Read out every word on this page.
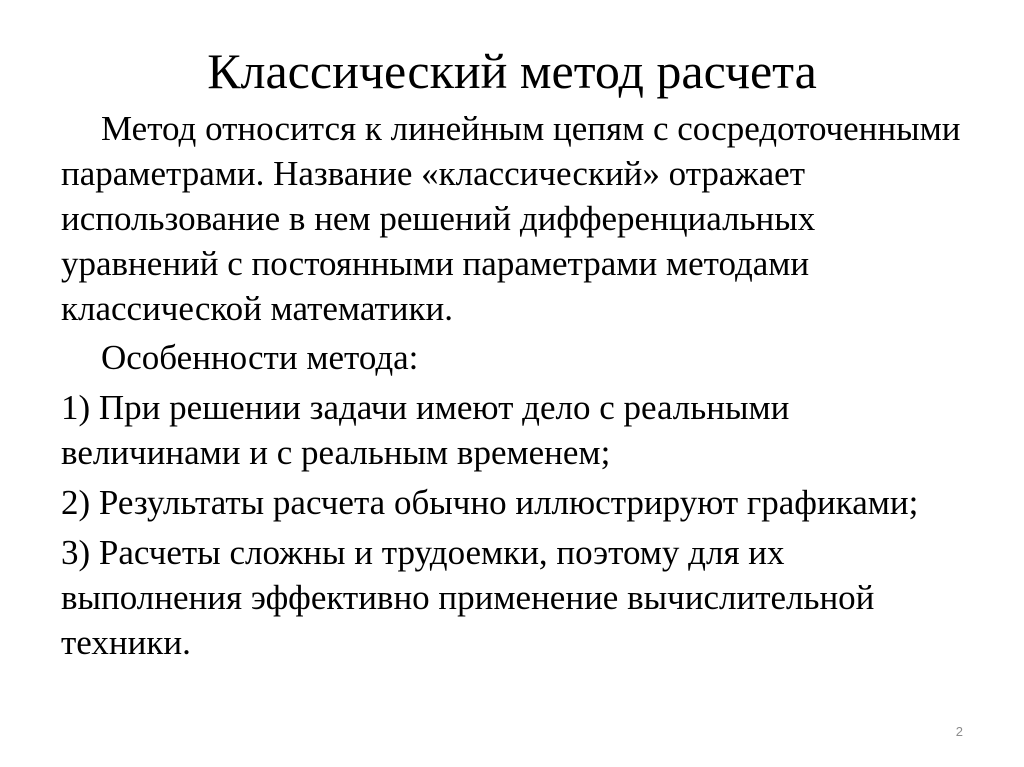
Классический метод расчета

Метод относится к линейным цепям с сосредоточенными параметрами. Название «классический» отражает использование в нем решений дифференциальных уравнений с постоянными параметрами методами классической математики.

Особенности метода:

1) При решении задачи имеют дело с реальными величинами и с реальным временем;

2) Результаты расчета обычно иллюстрируют графиками;

3) Расчеты сложны и трудоемки, поэтому для их выполнения эффективно применение вычислительной техники.

2
